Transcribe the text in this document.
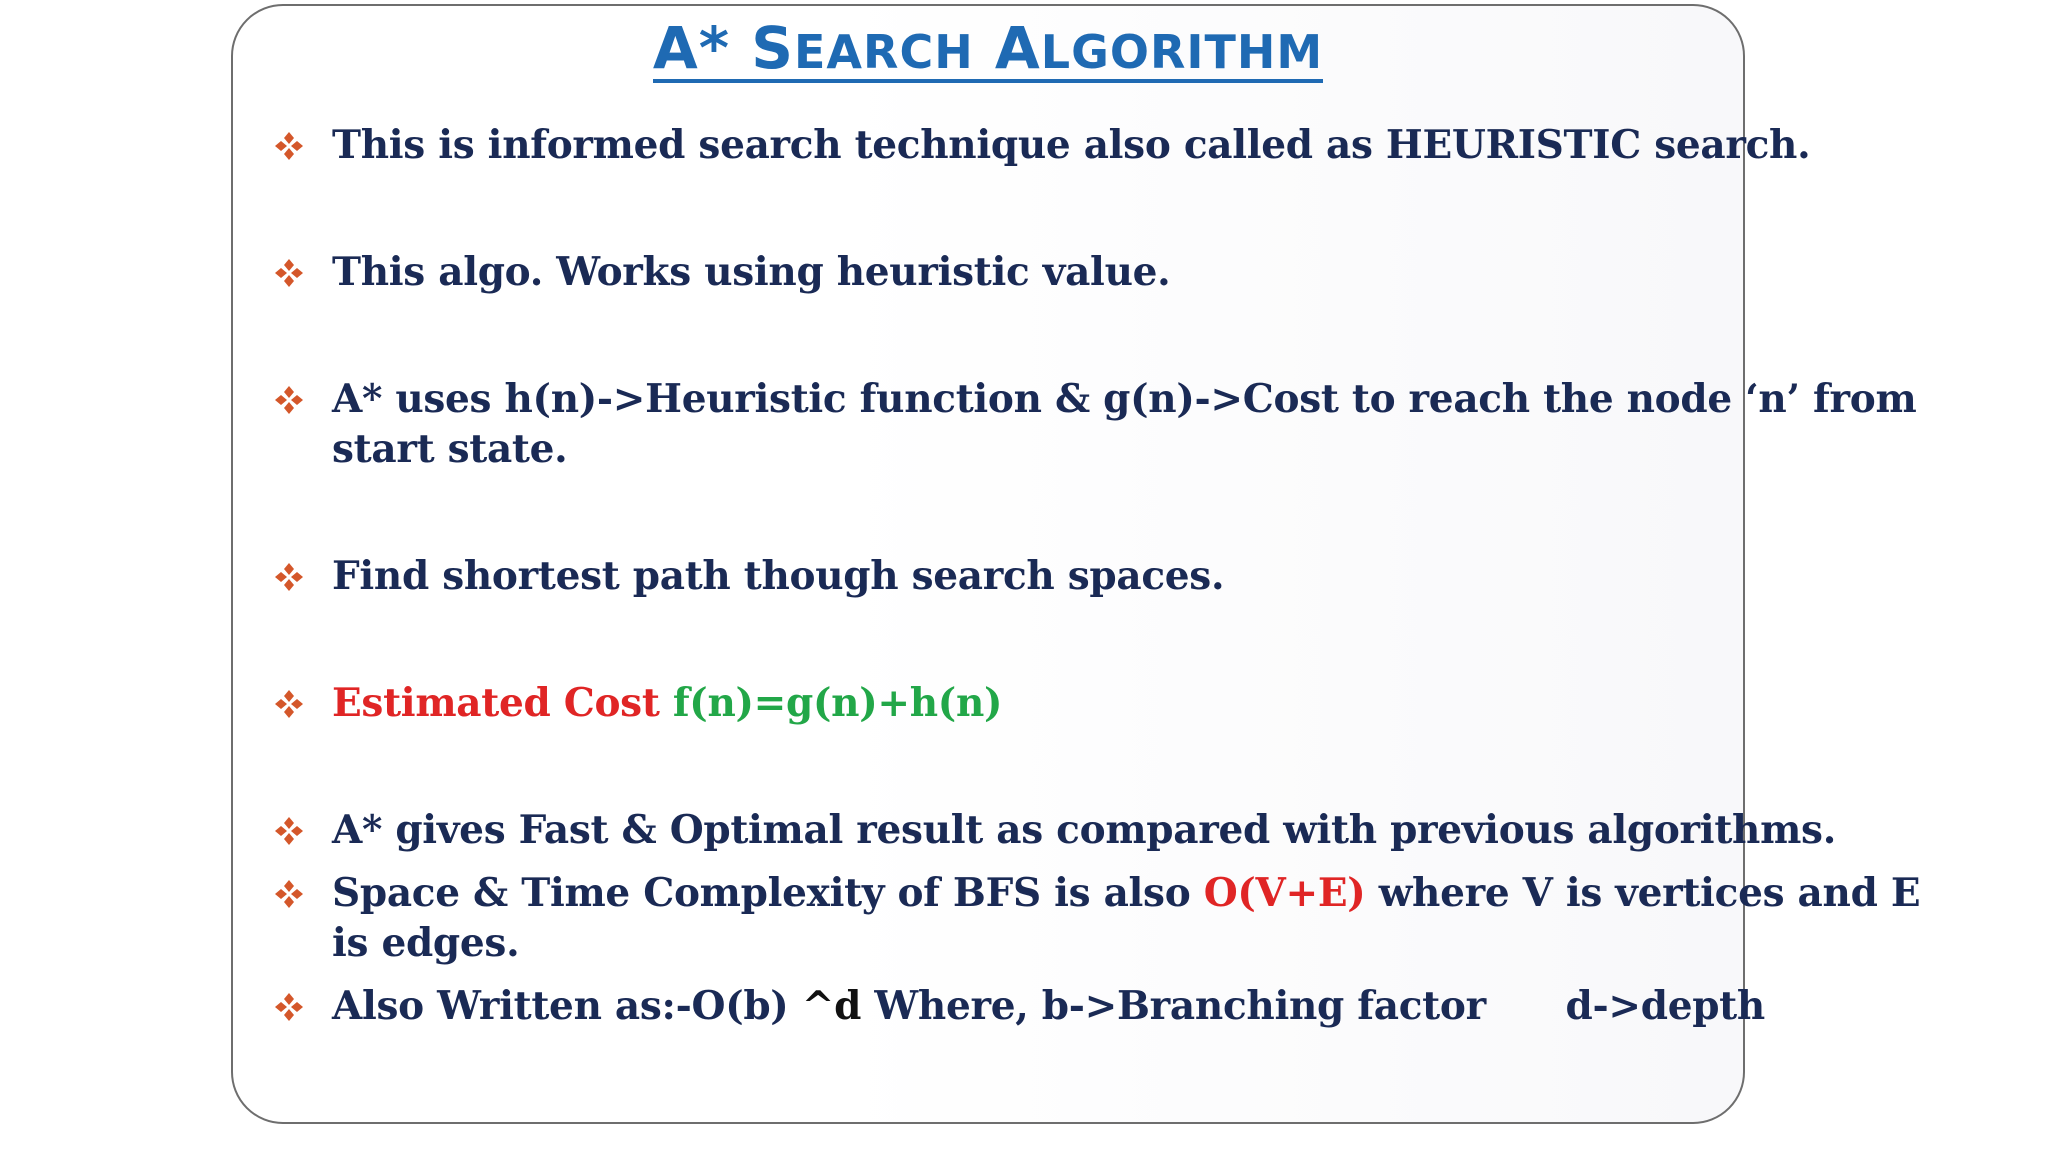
A* SEARCH ALGORITHM
This is informed search technique also called as HEURISTIC search.
This algo. Works using heuristic value.
A* uses h(n)->Heuristic function & g(n)->Cost to reach the node ‘n’ from
start state.
Find shortest path though search spaces.
Estimated Cost f(n)=g(n)+h(n)
A* gives Fast & Optimal result as compared with previous algorithms.
Space & Time Complexity of BFS is also O(V+E) where V is vertices and E
is edges.
Also Written as:-O(b) ^d Where, b->Branching factor      d->depth
